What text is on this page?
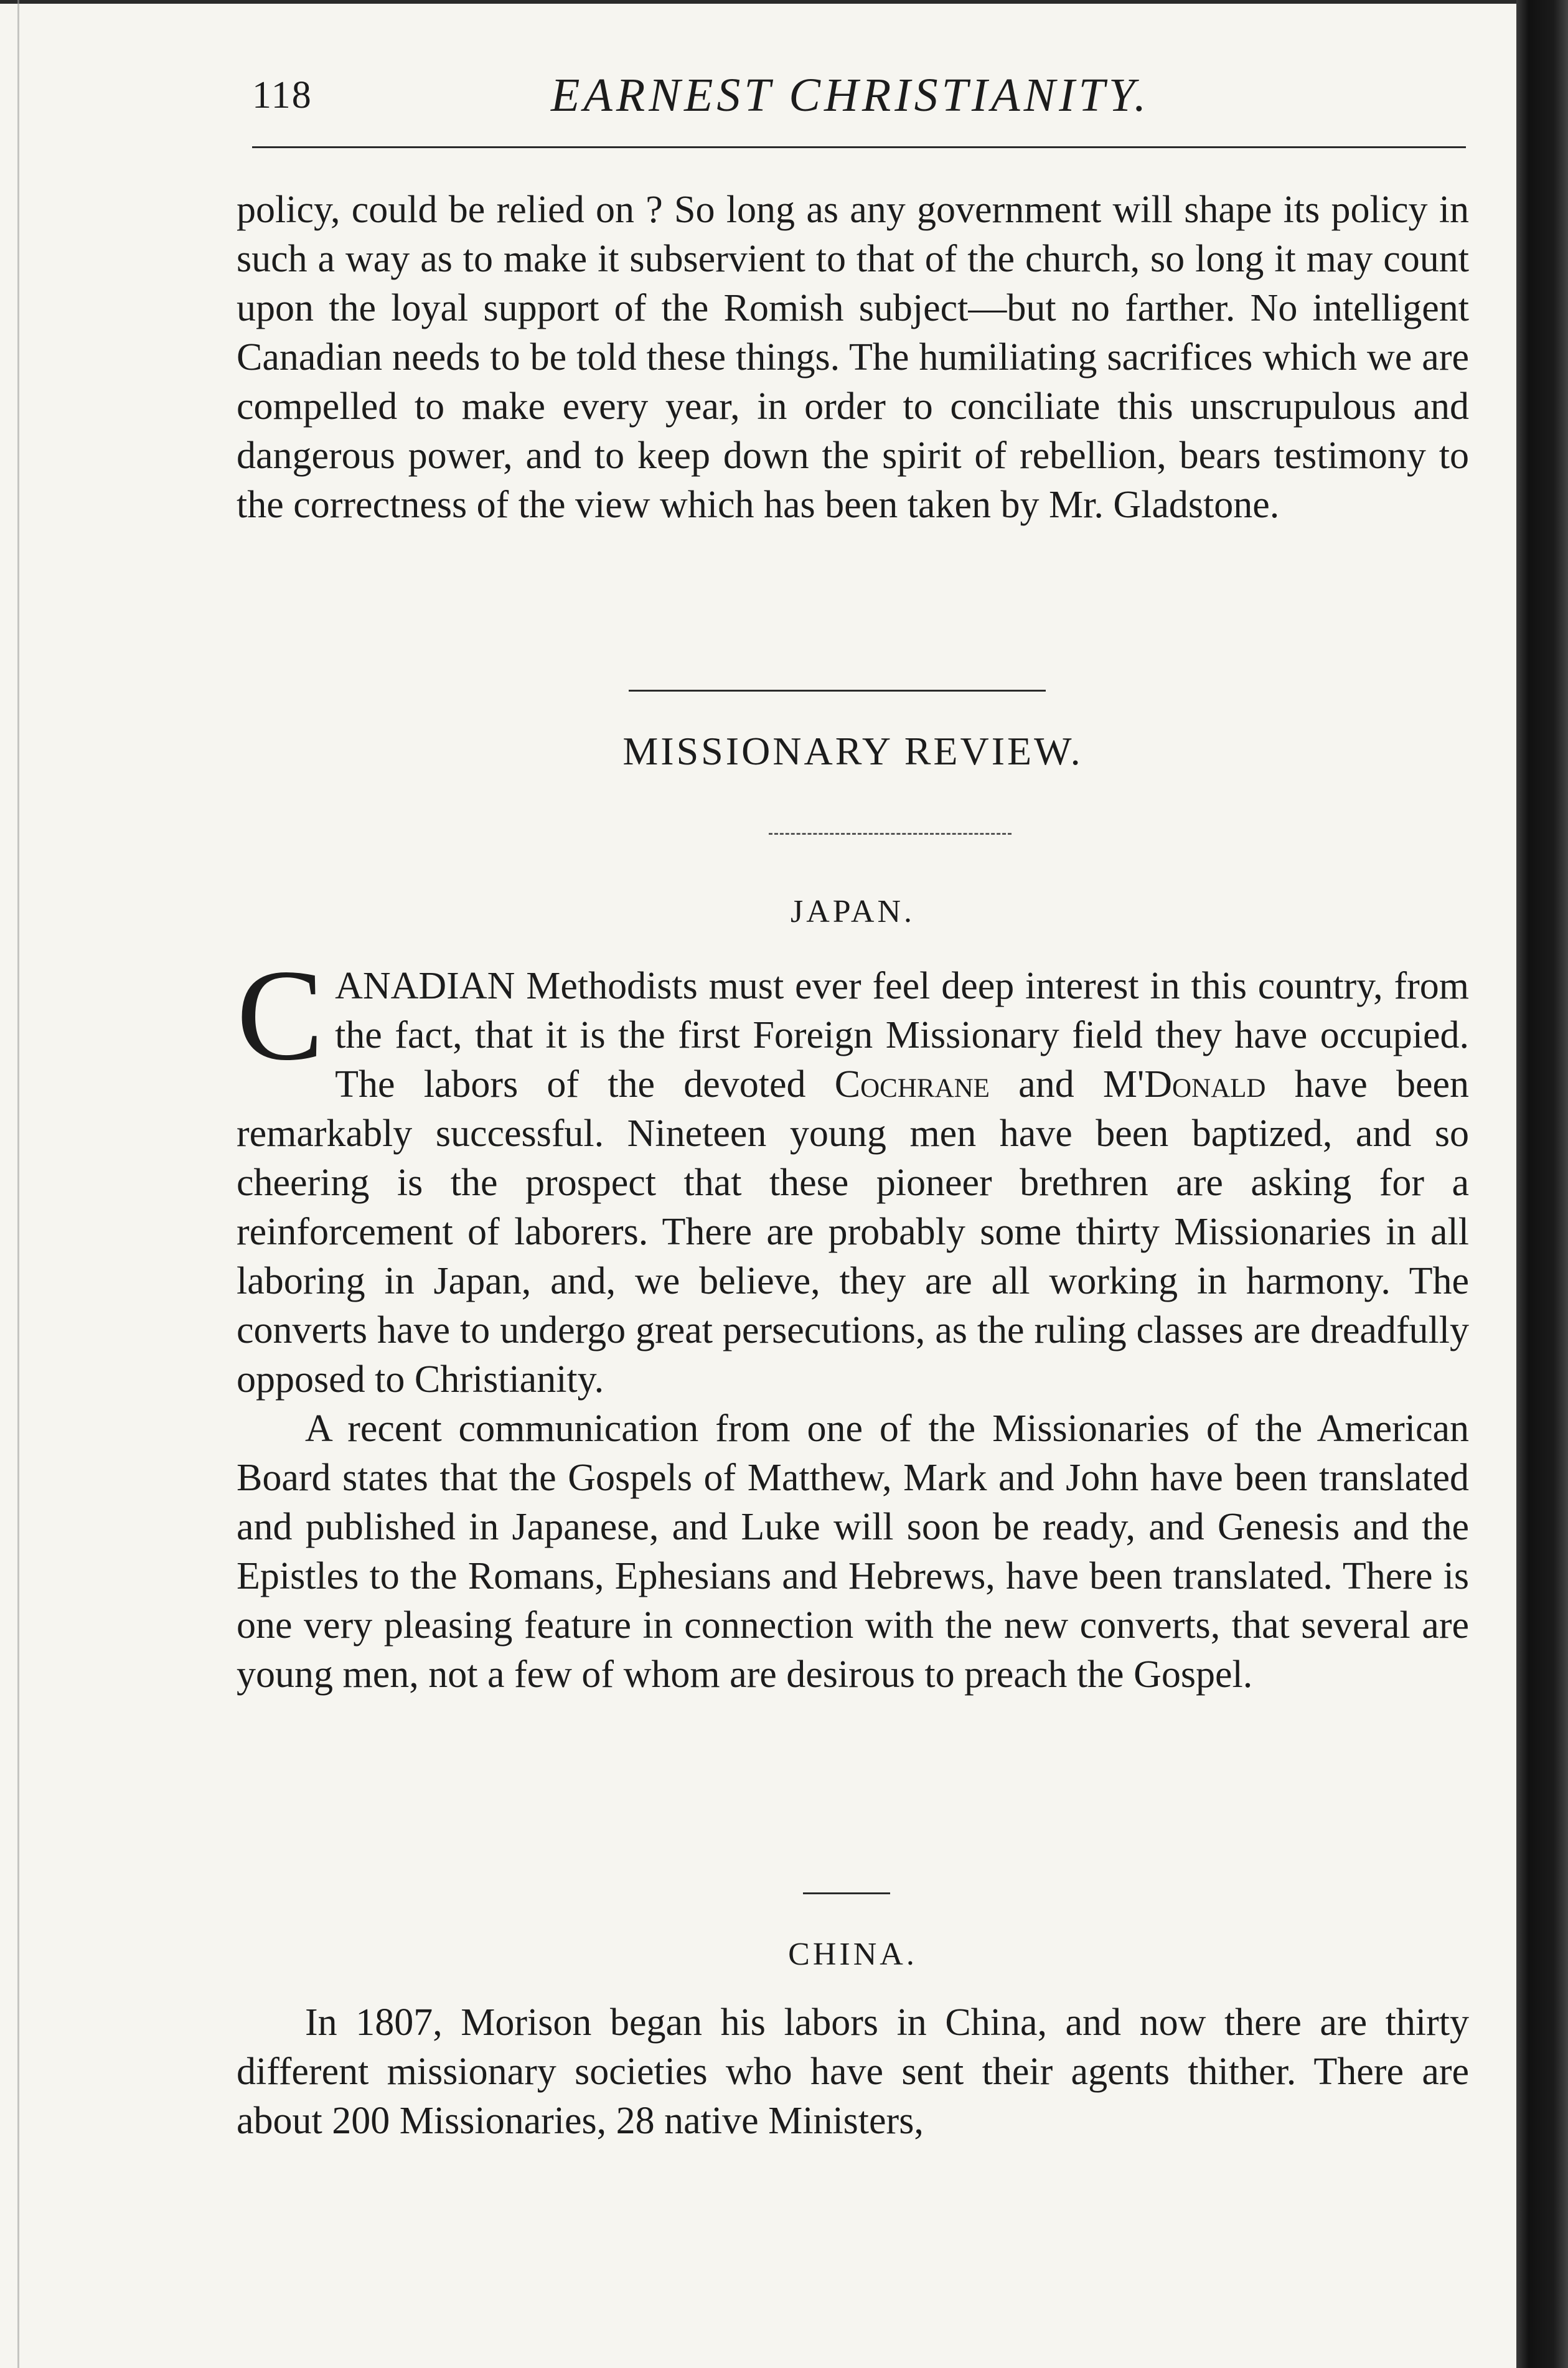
118	EARNEST CHRISTIANITY.

policy, could be relied on ? So long as any government will shape its policy in such a way as to make it subservient to that of the church, so long it may count upon the loyal support of the Romish subject—but no farther. No intelligent Canadian needs to be told these things. The humiliating sacrifices which we are compelled to make every year, in order to conciliate this unscrupulous and dangerous power, and to keep down the spirit of rebellion, bears testimony to the correctness of the view which has been taken by Mr. Gladstone.

MISSIONARY REVIEW.
JAPAN.

CANADIAN Methodists must ever feel deep interest in this country, from the fact, that it is the first Foreign Missionary field they have occupied. The labors of the devoted Cochrane and M'Donald have been remarkably successful. Nineteen young men have been baptized, and so cheering is the prospect that these pioneer brethren are asking for a reinforcement of laborers. There are probably some thirty Missionaries in all laboring in Japan, and, we believe, they are all working in harmony. The converts have to undergo great persecutions, as the ruling classes are dreadfully opposed to Christianity.

A recent communication from one of the Missionaries of the American Board states that the Gospels of Matthew, Mark and John have been translated and published in Japanese, and Luke will soon be ready, and Genesis and the Epistles to the Romans, Ephesians and Hebrews, have been translated. There is one very pleasing feature in connection with the new converts, that several are young men, not a few of whom are desirous to preach the Gospel.

CHINA.

In 1807, Morison began his labors in China, and now there are thirty different missionary societies who have sent their agents thither. There are about 200 Missionaries, 28 native Ministers,
